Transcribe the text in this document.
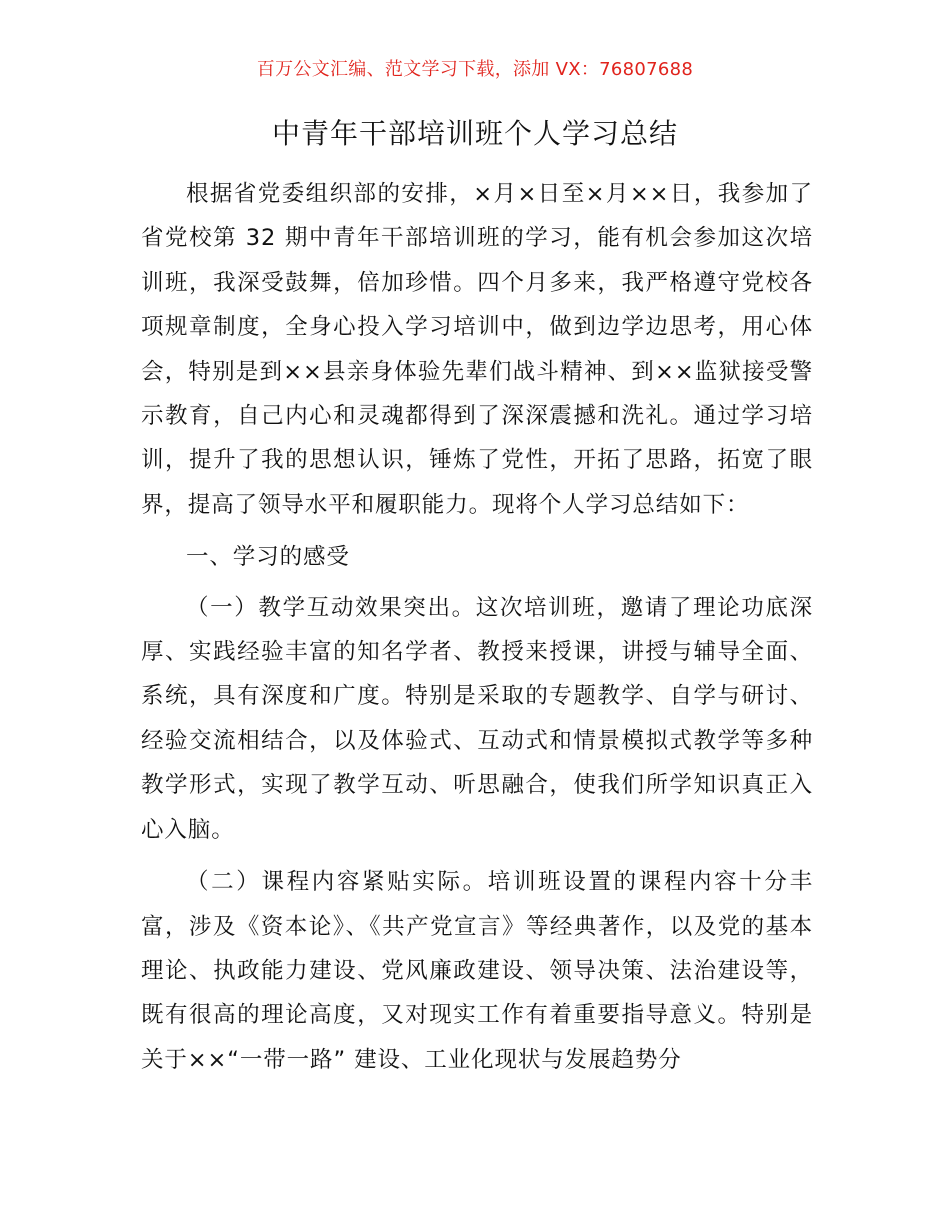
百万公文汇编、范文学习下载，添加 VX：76807688
中青年干部培训班个人学习总结

根据省党委组织部的安排，×月×日至×月××日，我参加了省党校第 32 期中青年干部培训班的学习，能有机会参加这次培训班，我深受鼓舞，倍加珍惜。四个月多来，我严格遵守党校各项规章制度，全身心投入学习培训中，做到边学边思考，用心体会，特别是到××县亲身体验先辈们战斗精神、到××监狱接受警示教育，自己内心和灵魂都得到了深深震撼和洗礼。通过学习培训，提升了我的思想认识，锤炼了党性，开拓了思路，拓宽了眼界，提高了领导水平和履职能力。现将个人学习总结如下：

一、学习的感受

（一）教学互动效果突出。这次培训班，邀请了理论功底深厚、实践经验丰富的知名学者、教授来授课，讲授与辅导全面、系统，具有深度和广度。特别是采取的专题教学、自学与研讨、经验交流相结合，以及体验式、互动式和情景模拟式教学等多种教学形式，实现了教学互动、听思融合，使我们所学知识真正入心入脑。

（二）课程内容紧贴实际。培训班设置的课程内容十分丰富，涉及《资本论》、《共产党宣言》等经典著作，以及党的基本理论、执政能力建设、党风廉政建设、领导决策、法治建设等，既有很高的理论高度，又对现实工作有着重要指导意义。特别是关于××“一带一路” 建设、工业化现状与发展趋势分
